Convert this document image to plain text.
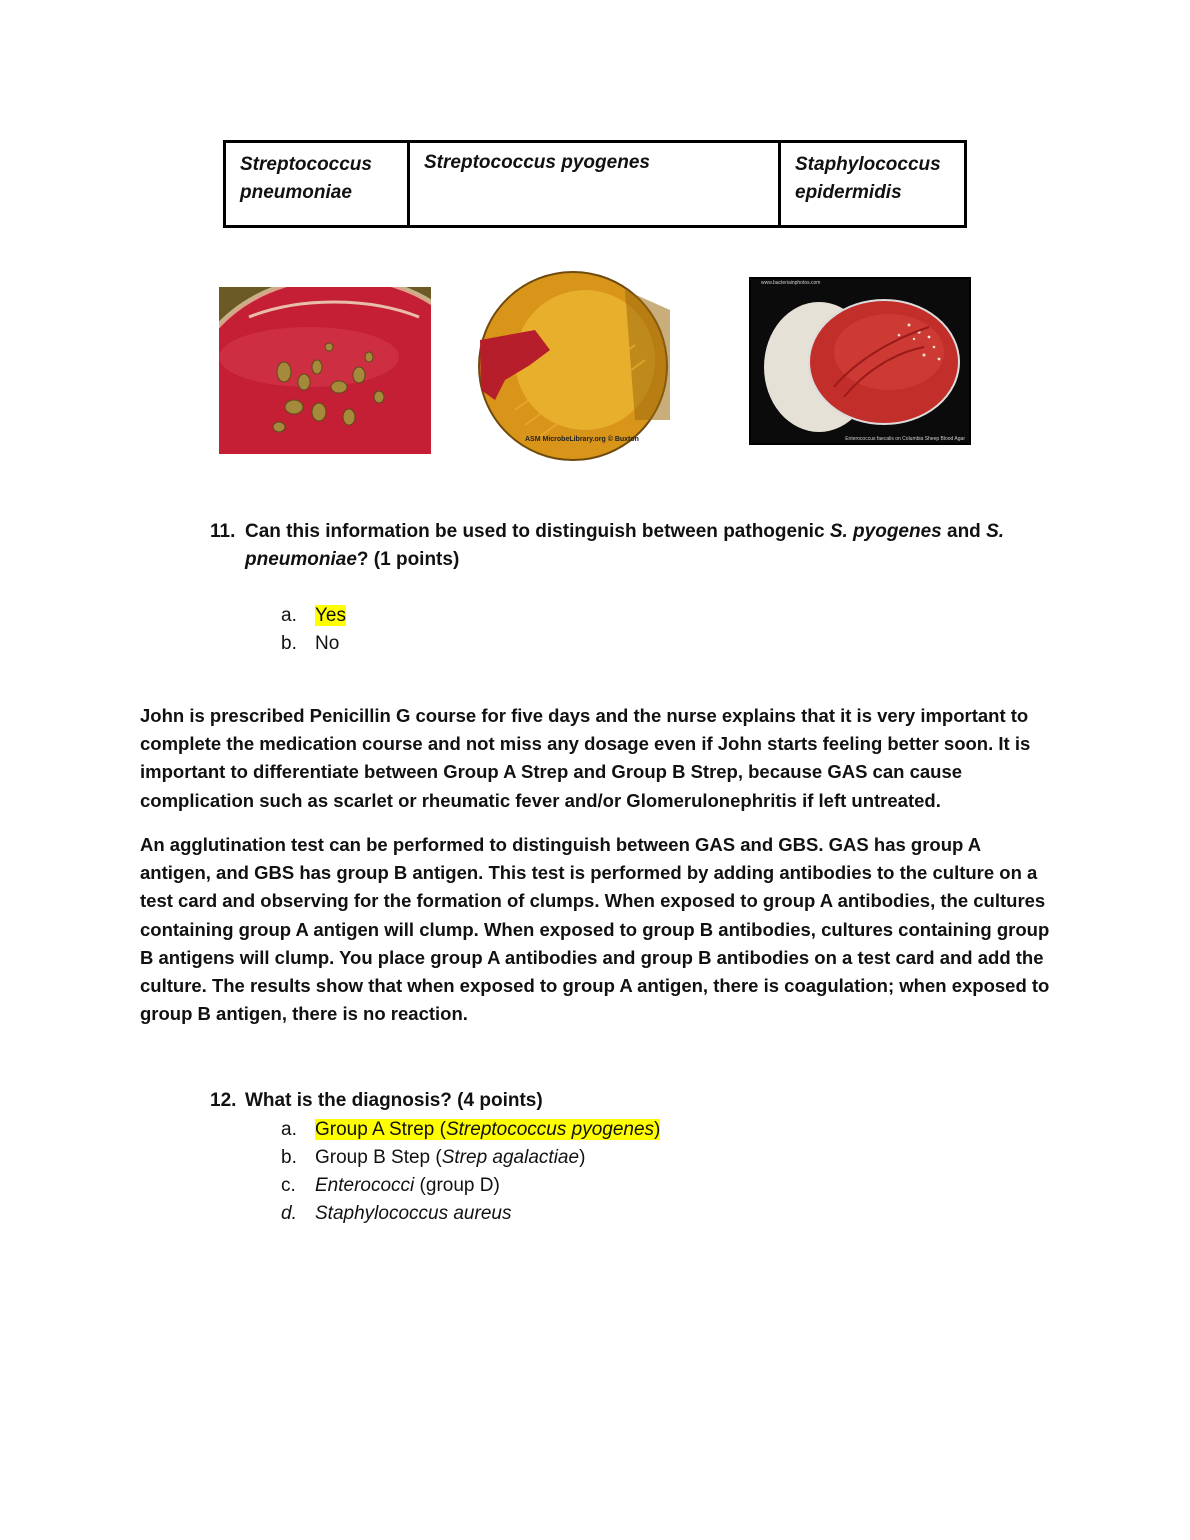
Streptococcus pneumoniae
Streptococcus pyogenes	Staphylococcus epidermidis
ASM MicrobeLibrary.org © Buxton
www.bacteriainphotos.com
Enterococcus faecalis on Columbia Sheep Blood Agar
11. Can this information be used to distinguish between pathogenic S. pyogenes and S. pneumoniae? (1 points)
a. Yes
b. No
John is prescribed Penicillin G course for five days and the nurse explains that it is very important to complete the medication course and not miss any dosage even if John starts feeling better soon. It is important to differentiate between Group A Strep and Group B Strep, because GAS can cause complication such as scarlet or rheumatic fever and/or Glomerulonephritis if left untreated.
An agglutination test can be performed to distinguish between GAS and GBS. GAS has group A antigen, and GBS has group B antigen. This test is performed by adding antibodies to the culture on a test card and observing for the formation of clumps. When exposed to group A antibodies, the cultures containing group A antigen will clump. When exposed to group B antibodies, cultures containing group B antigens will clump. You place group A antibodies and group B antibodies on a test card and add the culture. The results show that when exposed to group A antigen, there is coagulation; when exposed to group B antigen, there is no reaction.
12. What is the diagnosis? (4 points)
a. Group A Strep (Streptococcus pyogenes)
b. Group B Step (Strep agalactiae)
c. Enterococci (group D)
d. Staphylococcus aureus
